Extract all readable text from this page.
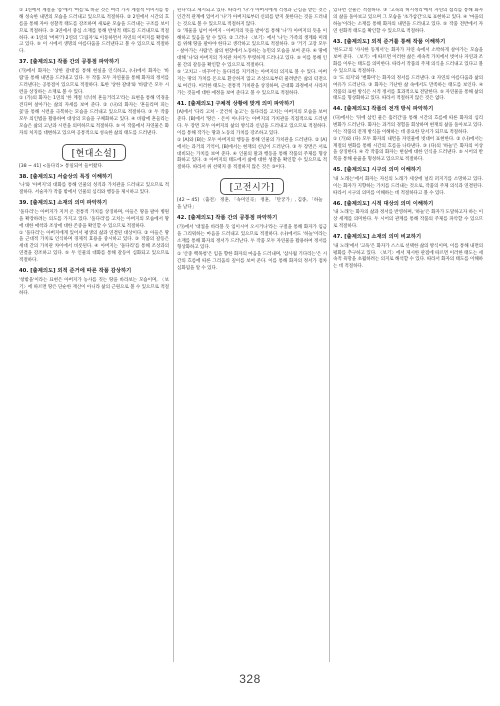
① 1연에서 계절을 '봄'에서 '여름'로 바꾼 것은 여러 가지 계절적 이미지를 통해 성숙한 내면의 모습을 드러내고 있으므로 적절하다. ② 2연에서 시간의 흐름을 통해 자아 성찰적 태도를 강조하며 새로운 모습을 드러내는 구조를 보이므로 적절하다. ③ 3연에서 중심 소재를 통해 반성적 태도를 드러내므로 적절하다. ④ 1연의 '버찌'가 2연의 '그림자'로 이동하면서 자연의 이미지를 확장하고 있다. ⑤ 이 시에서 생명의 아름다움을 드러낸다고 볼 수 있으므로 적절하다.

37. [출제의도] 작품 간의 공통점 파악하기

(가)에서 화자는 '상한 갈대'를 통해 현실을 인식하고, (나)에서 화자는 '바람'을 통해 내면을 드러내고 있다. 두 작품 모두 자연물을 통해 화자의 정서를 드러낸다는 공통점이 있으므로 적절하다. 또한 '상한 갈대'와 '바람'은 모두 시련을 상징하는 소재로 볼 수 있다.

① (가)의 화자는 1연의 '한 계절 넉넉히 흔들거리고'라는 표현을 통해 역경을 견디며 살아가는 삶의 자세를 보여 준다. ② (나)의 화자는 '흔들리며 피는 꽃'을 통해 시련을 극복하는 모습을 드러내고 있으므로 적절하다. ③ 두 작품 모두 의인법을 활용하여 대상의 모습을 구체화하고 있다. ④ 바람에 흔들리는 모습은 삶의 고난과 시련을 의미하므로 적절하다. ⑤ 이 작품에서 자연물은 화자의 처지를 대변하고 있으며 공통적으로 성숙한 삶의 태도를 드러낸다.

[현대소설]
[38 ~ 41] <돌다리> 통일되어 들어왔다.
38. [출제의도] 서술상의 특징 이해하기

'나'와 '아버지'의 대화를 통해 인물의 성격과 가치관을 드러내고 있으므로 적절하다. 서술자가 작품 밖에서 인물의 심리와 행동을 제시하고 있다.

39. [출제의도] 소재의 의미 파악하기

'돌다리'는 아버지가 지켜 온 전통적 가치를 상징하며, 아들은 땅을 팔아 병원을 확장하려는 의도를 가지고 있다. '돌다리'를 고치는 아버지의 모습에서 땅에 대한 애착과 조상에 대한 존중을 확인할 수 있으므로 적절하다.

① '돌다리'는 아버지에게 있어서 평생의 삶과 연결된 대상이다. ② 아들은 땅을 근대적 가치로 인식하며 경제적 효용을 중시하고 있다. ③ 작품의 갈등은 세대 간의 가치관 차이에서 비롯된다. ④ 아버지는 '돌다리'를 통해 조상과의 연결을 강조하고 있다. ⑤ 두 인물의 대화를 통해 갈등이 심화되고 있으므로 적절하다.

40. [출제의도] 외적 준거에 따른 작품 감상하기

'창밖을'이라는 표현은 아버지가 농사를 짓는 땅을 바라보는 모습이며, 〈보기〉에 따르면 땅은 단순한 재산이 아니라 삶의 근원으로 볼 수 있으므로 적절하다.

된다'라고 제시되고 있다. 따라서 '나'가 아버지에게 걱정과 근심을 받는 것은 인간적 관계에 있어서 '나'가 아버지로부터 신뢰를 받지 못한다는 것을 드러내는 것으로 볼 수 있으므로 적절하지 않다.

① '개울을 넘어 아버지 - 아버지의 뜻을 받아'를 통해 '나'가 아버지의 뜻을 이해하고 있음을 알 수 있다. ② 그러나 〈보기〉에서 '나'는 가족의 생계와 미래를 위해 땅을 팔아야 한다고 생각하고 있으므로 적절하다. ③ '거기 고장 모두 - 살아가는 사람'은 삶의 현장에서 노동하는 농민의 모습을 보여 준다. ④ 땅에 대해 '나'와 아버지의 가치관 차이가 뚜렷하게 드러나고 있다. ⑤ 이를 통해 인물 간의 갈등을 확인할 수 있으므로 적절하다.

⑤ '고치고 - 바꾸어'는 돌다리를 지키려는 아버지의 의지로 볼 수 있다. 아버지는 땅의 가치를 돈으로 환산하지 않고 조상으로부터 물려받은 삶의 터전으로 여긴다. 이러한 태도는 전통적 가치관을 상징하며, 근대화 과정에서 사라져 가는 것들에 대한 애정을 보여 준다고 볼 수 있으므로 적절하다.

41. [출제의도] 구체적 상황에 맞게 의미 파악하기

[A]에서 '다리 고쳐 - 굳건히 놓고'는 돌다리를 고치는 아버지의 모습을 보여 준다. [B]에서 '땅은 - 돈이 아니다'는 아버지의 가치관을 직접적으로 드러낸다. 두 장면 모두 아버지의 삶의 방식과 신념을 드러내고 있으므로 적절하다. 이를 통해 작가는 땅과 노동의 가치를 강조하고 있다.

① [A]와 [B]는 모두 아버지의 행동을 통해 인물의 가치관을 드러낸다. ② [A]에서는 과거의 기억이, [B]에서는 현재의 신념이 드러난다. ③ 두 장면은 서로 대비되는 가치를 보여 준다. ④ 인물의 말과 행동을 통해 작품의 주제를 형상화하고 있다. ⑤ 아버지의 태도에서 삶에 대한 성찰을 확인할 수 있으므로 적절하다. 따라서 위 선택지 중 적절하지 않은 것은 ③이다.

[고전시가]
[42 ~ 45] 〈출전〉 정훈, 「속미인곡」 정훈, 「탄궁가」, 김종, 「하늘을 날다」
42. [출제의도] 작품 간의 공통점 파악하기

(가)에서 '대궐을 바라볼 듯 임이시어 오시거나'라는 구절을 통해 화자가 임금을 그리워하는 마음을 드러내고 있으므로 적절하다. (나)에서도 '하늘'이라는 소재를 통해 화자의 정서가 드러난다. 두 작품 모두 자연물을 활용하여 정서를 형상화하고 있다.

① '산중 백목청'은 임을 향한 화자의 마음을 드러내며, '삼사월 기다리는'은 시간의 흐름에 따른 그리움의 깊이를 보여 준다. 이를 통해 화자의 정서가 점차 심화됨을 알 수 있다.

있다면 산물은 적절하다. ③ '고독의 허시정리'에서 자연의 섭리를 통해 화자의 삶을 돌아보고 있으며 그 모습을 '초가삼간'으로 표현하고 있다. ④ '마을의 하늘'이라는 소재를 통해 화자의 내면을 드러내고 있다. ⑤ 작품 전반에서 자연 친화적 태도를 확인할 수 있으므로 적절하다.

43. [출제의도] 외적 준거를 통해 작품 이해하기

'한도고'의 '사사한 동계서'는 화자가 자연 속에서 소박하게 살아가는 모습을 보여 준다. 〈보기〉에 따르면 이러한 삶은 세속적 가치에서 벗어나 자연과 조화를 이루는 태도를 의미한다. 따라서 작품의 주제 의식을 드러내고 있다고 볼 수 있으므로 적절하다.

① '도 의지'와 '변화미'는 화자의 정서를 드러낸다. ② 자연의 아름다움과 삶의 여유가 드러난다. ③ 화자는 가난한 삶 속에서도 만족하는 태도를 보인다. ④ 작품의 표현 방식은 시적 정서를 효과적으로 전달한다. ⑤ 자연물을 통해 삶의 태도를 형상화하고 있다. 따라서 적절하지 않은 것은 없다.

44. [출제의도] 작품의 전개 방식 파악하기

(다)에서는 '뒤에 삼킨 물은 흘러간'을 통해 시간의 흐름에 따른 화자의 심리 변화가 드러난다. 화자는 과거의 경험을 회상하며 현재의 삶을 돌아보고 있다. 이는 작품의 전개 방식을 이해하는 데 중요한 단서가 되므로 적절하다.

① (가)와 (다) 모두 화자의 내면을 자연물에 빗대어 표현한다. ② (나)에서는 계절의 변화를 통해 시간의 흐름을 나타낸다. ③ (다)의 '하늘'은 화자의 이상을 상징한다. ④ 각 작품의 화자는 현실에 대한 인식을 드러낸다. ⑤ 시어의 반복을 통해 운율을 형성하고 있으므로 적절하다.

45. [출제의도] 시구의 의미 이해하기

'내 노래는'에서 화자는 자신의 노래가 세상에 널리 퍼지기를 소망하고 있다. 이는 화자가 지향하는 가치를 드러내는 것으로, 작품의 주제 의식과 연결된다. 따라서 시구의 의미를 이해하는 데 적절하다고 볼 수 있다.

46. [출제의도] 시적 대상의 의미 이해하기

'내 노래'는 화자의 삶과 정서를 반영하며, '하늘'은 화자가 도달하고자 하는 이상 세계를 의미한다. 두 시어의 관계를 통해 작품의 주제를 파악할 수 있으므로 적절하다.

47. [출제의도] 소재의 의미 비교하기

'내 노래'에서 '고독'은 화자가 스스로 선택한 삶의 방식이며, 이를 통해 내면의 평화를 추구하고 있다. 〈보기〉에서 제시한 관점에 따르면 이러한 태도는 세속적 욕망을 초월하려는 의지로 해석할 수 있다. 따라서 화자의 태도를 이해하는 데 적절하다.

328
